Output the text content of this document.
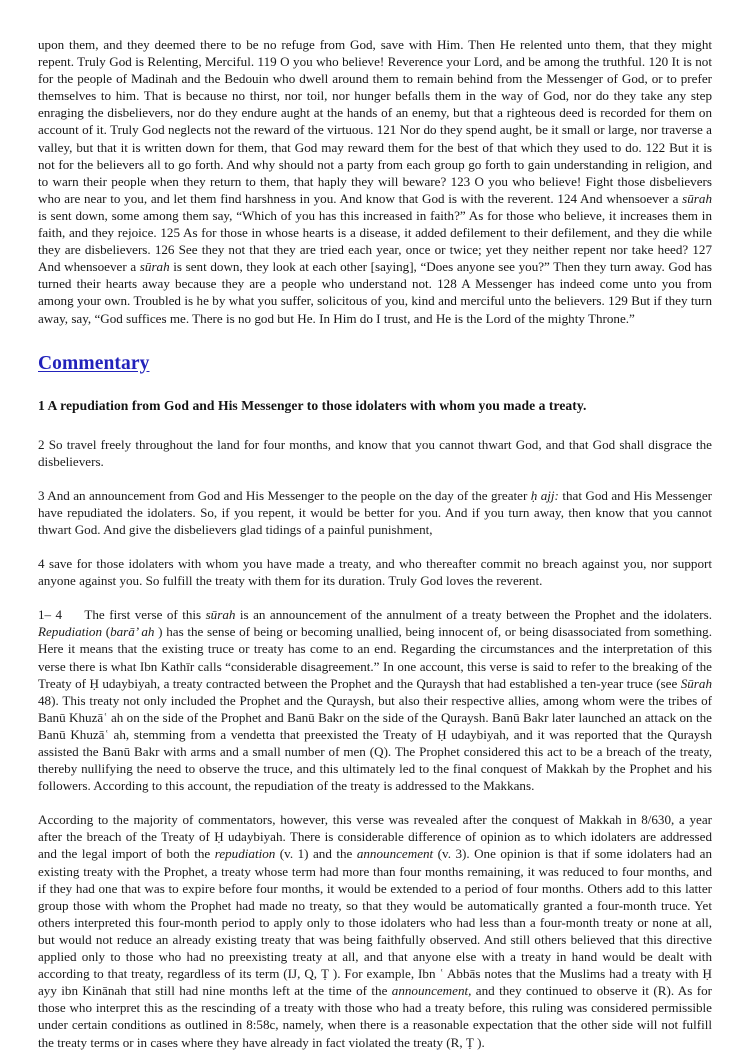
upon them, and they deemed there to be no refuge from God, save with Him. Then He relented unto them, that they might repent. Truly God is Relenting, Merciful. 119 O you who believe! Reverence your Lord, and be among the truthful. 120 It is not for the people of Madinah and the Bedouin who dwell around them to remain behind from the Messenger of God, or to prefer themselves to him. That is because no thirst, nor toil, nor hunger befalls them in the way of God, nor do they take any step enraging the disbelievers, nor do they endure aught at the hands of an enemy, but that a righteous deed is recorded for them on account of it. Truly God neglects not the reward of the virtuous. 121 Nor do they spend aught, be it small or large, nor traverse a valley, but that it is written down for them, that God may reward them for the best of that which they used to do. 122 But it is not for the believers all to go forth. And why should not a party from each group go forth to gain understanding in religion, and to warn their people when they return to them, that haply they will beware? 123 O you who believe! Fight those disbelievers who are near to you, and let them find harshness in you. And know that God is with the reverent. 124 And whensoever a sūrah is sent down, some among them say, “Which of you has this increased in faith?” As for those who believe, it increases them in faith, and they rejoice. 125 As for those in whose hearts is a disease, it added defilement to their defilement, and they die while they are disbelievers. 126 See they not that they are tried each year, once or twice; yet they neither repent nor take heed? 127 And whensoever a sūrah is sent down, they look at each other [saying], “Does anyone see you?” Then they turn away. God has turned their hearts away because they are a people who understand not. 128 A Messenger has indeed come unto you from among your own. Troubled is he by what you suffer, solicitous of you, kind and merciful unto the believers. 129 But if they turn away, say, “God suffices me. There is no god but He. In Him do I trust, and He is the Lord of the mighty Throne.”

Commentary
1 A repudiation from God and His Messenger to those idolaters with whom you made a treaty.

2 So travel freely throughout the land for four months, and know that you cannot thwart God, and that God shall disgrace the disbelievers.

3 And an announcement from God and His Messenger to the people on the day of the greater ḥ ajj: that God and His Messenger have repudiated the idolaters. So, if you repent, it would be better for you. And if you turn away, then know that you cannot thwart God. And give the disbelievers glad tidings of a painful punishment,

4 save for those idolaters with whom you have made a treaty, and who thereafter commit no breach against you, nor support anyone against you. So fulfill the treaty with them for its duration. Truly God loves the reverent.

1– 4 The first verse of this sūrah is an announcement of the annulment of a treaty between the Prophet and the idolaters. Repudiation (barā’ ah ) has the sense of being or becoming unallied, being innocent of, or being disassociated from something. Here it means that the existing truce or treaty has come to an end. Regarding the circumstances and the interpretation of this verse there is what Ibn Kathīr calls “considerable disagreement.” In one account, this verse is said to refer to the breaking of the Treaty of Ḥ udaybiyah, a treaty contracted between the Prophet and the Quraysh that had established a ten-year truce (see Sūrah 48). This treaty not only included the Prophet and the Quraysh, but also their respective allies, among whom were the tribes of Banū Khuzāʿ ah on the side of the Prophet and Banū Bakr on the side of the Quraysh. Banū Bakr later launched an attack on the Banū Khuzāʿ ah, stemming from a vendetta that preexisted the Treaty of Ḥ udaybiyah, and it was reported that the Quraysh assisted the Banū Bakr with arms and a small number of men (Q). The Prophet considered this act to be a breach of the treaty, thereby nullifying the need to observe the truce, and this ultimately led to the final conquest of Makkah by the Prophet and his followers. According to this account, the repudiation of the treaty is addressed to the Makkans.

According to the majority of commentators, however, this verse was revealed after the conquest of Makkah in 8/630, a year after the breach of the Treaty of Ḥ udaybiyah. There is considerable difference of opinion as to which idolaters are addressed and the legal import of both the repudiation (v. 1) and the announcement (v. 3). One opinion is that if some idolaters had an existing treaty with the Prophet, a treaty whose term had more than four months remaining, it was reduced to four months, and if they had one that was to expire before four months, it would be extended to a period of four months. Others add to this latter group those with whom the Prophet had made no treaty, so that they would be automatically granted a four-month truce. Yet others interpreted this four-month period to apply only to those idolaters who had less than a four-month treaty or none at all, but would not reduce an already existing treaty that was being faithfully observed. And still others believed that this directive applied only to those who had no preexisting treaty at all, and that anyone else with a treaty in hand would be dealt with according to that treaty, regardless of its term (IJ, Q, Ṭ ). For example, Ibn ʿ Abbās notes that the Muslims had a treaty with Ḥ ayy ibn Kinānah that still had nine months left at the time of the announcement, and they continued to observe it (R). As for those who interpret this as the rescinding of a treaty with those who had a treaty before, this ruling was considered permissible under certain conditions as outlined in 8:58c, namely, when there is a reasonable expectation that the other side will not fulfill the treaty terms or in cases where they have already in fact violated the treaty (R, Ṭ ).
